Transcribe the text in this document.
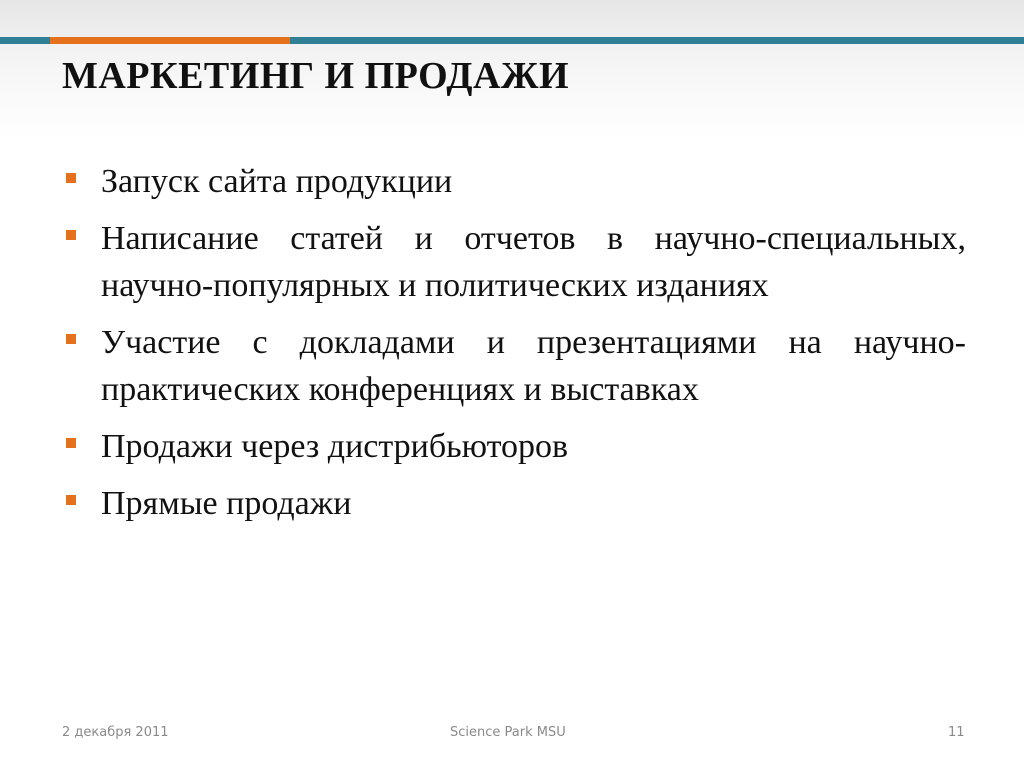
МАРКЕТИНГ И ПРОДАЖИ
Запуск сайта продукции
Написание статей и отчетов в научно-специальных, научно-популярных и политических изданиях
Участие с докладами и презентациями на научно-практических конференциях и выставках
Продажи через дистрибьюторов
Прямые продажи
2 декабря 2011	Science Park MSU	11
